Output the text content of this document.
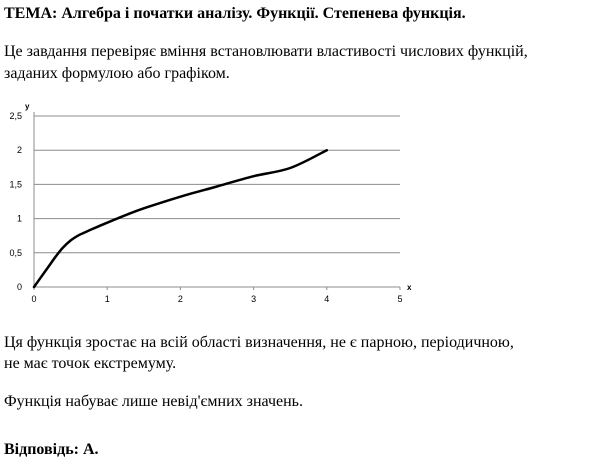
ТЕМА: Алгебра і початки аналізу. Функції. Степенева функція.
Це завдання перевіряє вміння встановлювати властивості числових функцій,
заданих формулою або графіком.
0
0,5
1
1,5
2
2,5
0	1	2	3	4	5
y
x
Ця функція зростає на всій області визначення, не є парною, періодичною,
не має точок екстремуму.
Функція набуває лише невід'ємних значень.
Відповідь: А.
